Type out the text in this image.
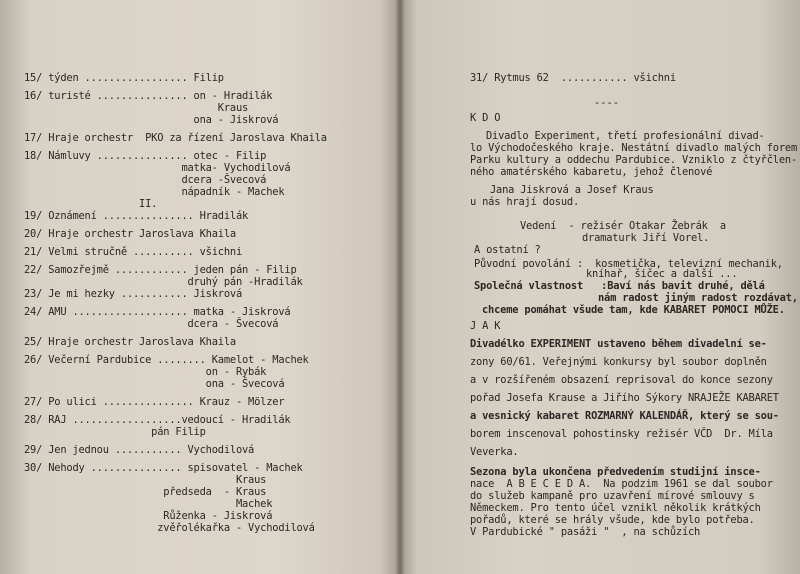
15/ týden ................. Filip
16/ turisté ............... on - Hradilák
Kraus
ona - Jiskrová
17/ Hraje orchestr  PKO za řízení Jaroslava Khaila
18/ Námluvy ............... otec - Filip
matka- Vychodilová
dcera -Švecová
nápadník - Machek
II.
19/ Oznámení ............... Hradilák
20/ Hraje orchestr Jaroslava Khaila
21/ Velmi stručně .......... všichni
22/ Samozřejmě ............ jeden pán - Filip
druhý pán -Hradilák
23/ Je mi hezky ........... Jiskrová
24/ AMU ................... matka - Jiskrová
dcera - Švecová
25/ Hraje orchestr Jaroslava Khaila
26/ Večerní Pardubice ........ Kamelot - Machek
on - Rybák
ona - Švecová
27/ Po ulici ............... Krauz - Mölzer
28/ RAJ ..................vedoucí - Hradilák
pán Filip
29/ Jen jednou ........... Vychodilová
30/ Nehody ............... spisovatel - Machek
Kraus
předseda  - Kraus
Machek
Růženka - Jiskrová
zvěřolékařka - Vychodilová
----
31/ Rytmus 62  ........... všichni
K D O
Divadlo Experiment, třetí profesionální divad-
lo Východočeského kraje. Nestátní divadlo malých forem
Parku kultury a oddechu Pardubice. Vzniklo z čtyřčlen-
ného amatérského kabaretu, jehož členové
Jana Jiskrová a Josef Kraus
u nás hrají dosud.
Vedení  - režisér Otakar Žebrák  a
dramaturk Jiří Vorel.
A ostatní ?
Původní povolání :  kosmetička, televizní mechanik,
kníhař, šičec a další ...
Společná vlastnost   :Baví nás bavit druhé, dělá
nám radost jiným radost rozdávat,
chceme pomáhat všude tam, kde KABARET POMOCI MŮŽE.
J A K
Divadélko EXPERIMENT ustaveno během divadelní se-
zony 60/61. Veřejnými konkursy byl soubor doplněn
a v rozšířeném obsazení reprisoval do konce sezony
pořad Josefa Krause a Jiřího Sýkory NRAJEŽE KABARET
a vesnický kabaret ROZMARNÝ KALENDÁŘ, který se sou-
borem inscenoval pohostinsky režisér VČD  Dr. Míla
Veverka.
Sezona byla ukončena předvedením studijní insce-
nace  A B E C E D A.  Na podzim 1961 se dal soubor
do služeb kampaně pro uzavření mírové smlouvy s
Německem. Pro tento účel vznikl několik krátkých
pořadů, které se hrály všude, kde bylo potřeba.
V Pardubické " pasáži "  , na schůzích
